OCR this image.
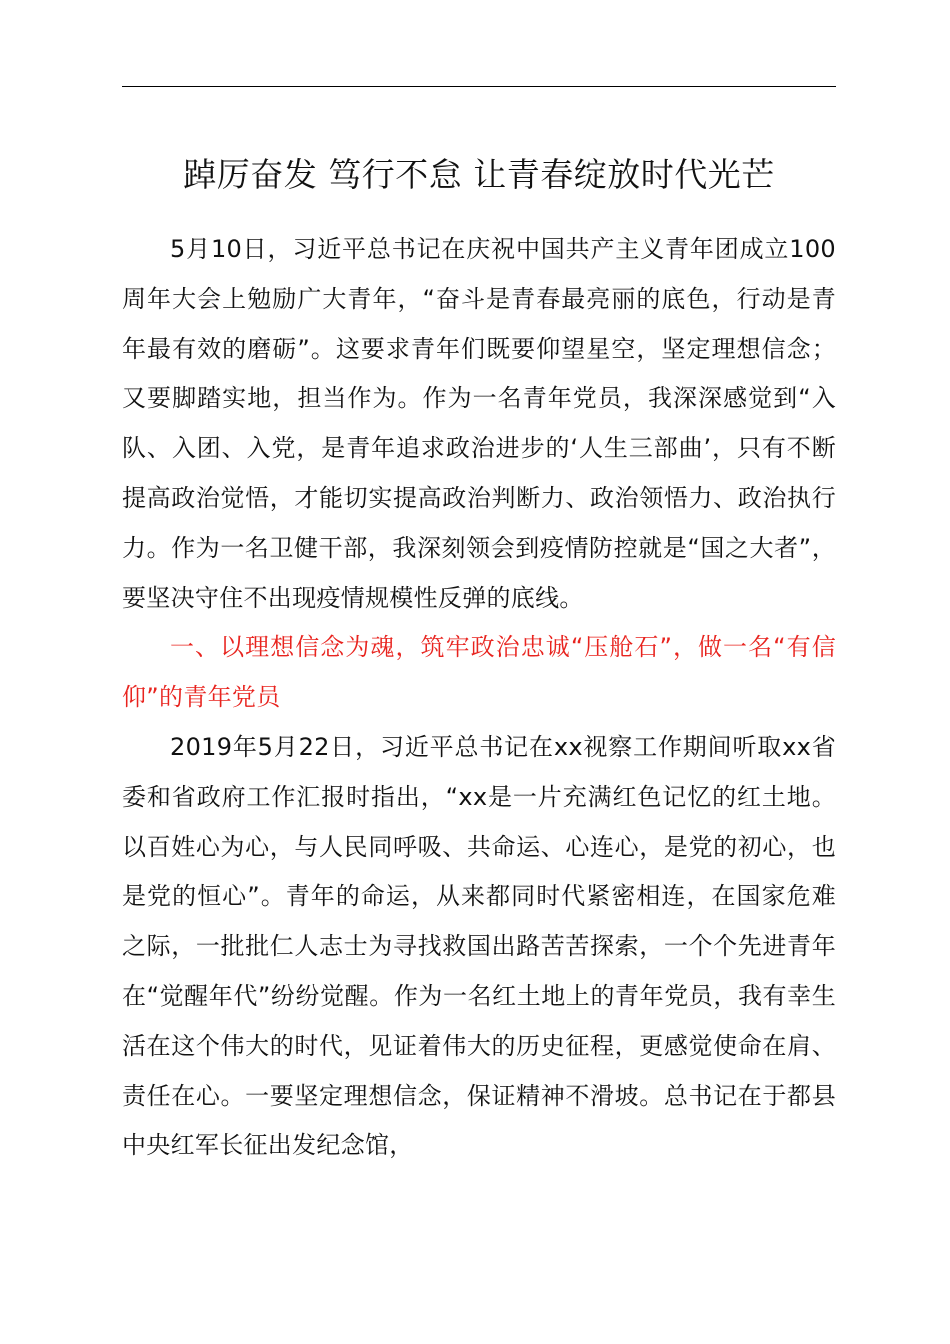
踔厉奋发 笃行不怠 让青春绽放时代光芒

5月10日，习近平总书记在庆祝中国共产主义青年团成立100周年大会上勉励广大青年，“奋斗是青春最亮丽的底色，行动是青年最有效的磨砺”。这要求青年们既要仰望星空，坚定理想信念；又要脚踏实地，担当作为。作为一名青年党员，我深深感觉到“入队、入团、入党，是青年追求政治进步的‘人生三部曲’，只有不断提高政治觉悟，才能切实提高政治判断力、政治领悟力、政治执行力。作为一名卫健干部，我深刻领会到疫情防控就是“国之大者”，要坚决守住不出现疫情规模性反弹的底线。

一、以理想信念为魂，筑牢政治忠诚“压舱石”，做一名“有信仰”的青年党员

2019年5月22日，习近平总书记在xx视察工作期间听取xx省委和省政府工作汇报时指出，“xx是一片充满红色记忆的红土地。以百姓心为心，与人民同呼吸、共命运、心连心，是党的初心，也是党的恒心”。青年的命运，从来都同时代紧密相连，在国家危难之际，一批批仁人志士为寻找救国出路苦苦探索，一个个先进青年在“觉醒年代”纷纷觉醒。作为一名红土地上的青年党员，我有幸生活在这个伟大的时代，见证着伟大的历史征程，更感觉使命在肩、责任在心。一要坚定理想信念，保证精神不滑坡。总书记在于都县中央红军长征出发纪念馆，
